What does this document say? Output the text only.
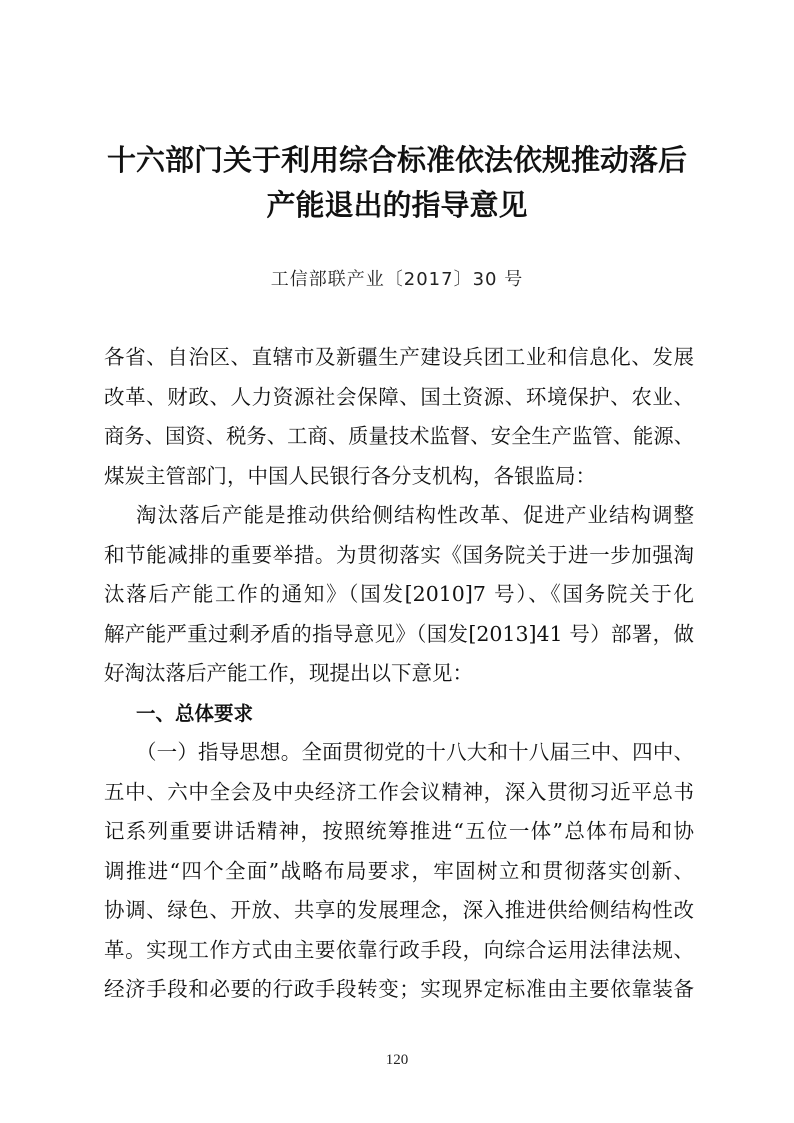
十六部门关于利用综合标准依法依规推动落后
产能退出的指导意见
工信部联产业〔2017〕30 号
各省、自治区、直辖市及新疆生产建设兵团工业和信息化、发展
改革、财政、人力资源社会保障、国土资源、环境保护、农业、
商务、国资、税务、工商、质量技术监督、安全生产监管、能源、
煤炭主管部门，中国人民银行各分支机构，各银监局：
淘汰落后产能是推动供给侧结构性改革、促进产业结构调整
和节能减排的重要举措。为贯彻落实《国务院关于进一步加强淘
汰落后产能工作的通知》（国发[2010]7 号）、《国务院关于化
解产能严重过剩矛盾的指导意见》（国发[2013]41 号）部署，做
好淘汰落后产能工作，现提出以下意见：
一、总体要求
（一）指导思想。全面贯彻党的十八大和十八届三中、四中、
五中、六中全会及中央经济工作会议精神，深入贯彻习近平总书
记系列重要讲话精神，按照统筹推进“五位一体”总体布局和协
调推进“四个全面”战略布局要求，牢固树立和贯彻落实创新、
协调、绿色、开放、共享的发展理念，深入推进供给侧结构性改
革。实现工作方式由主要依靠行政手段，向综合运用法律法规、
经济手段和必要的行政手段转变；实现界定标准由主要依靠装备
120
